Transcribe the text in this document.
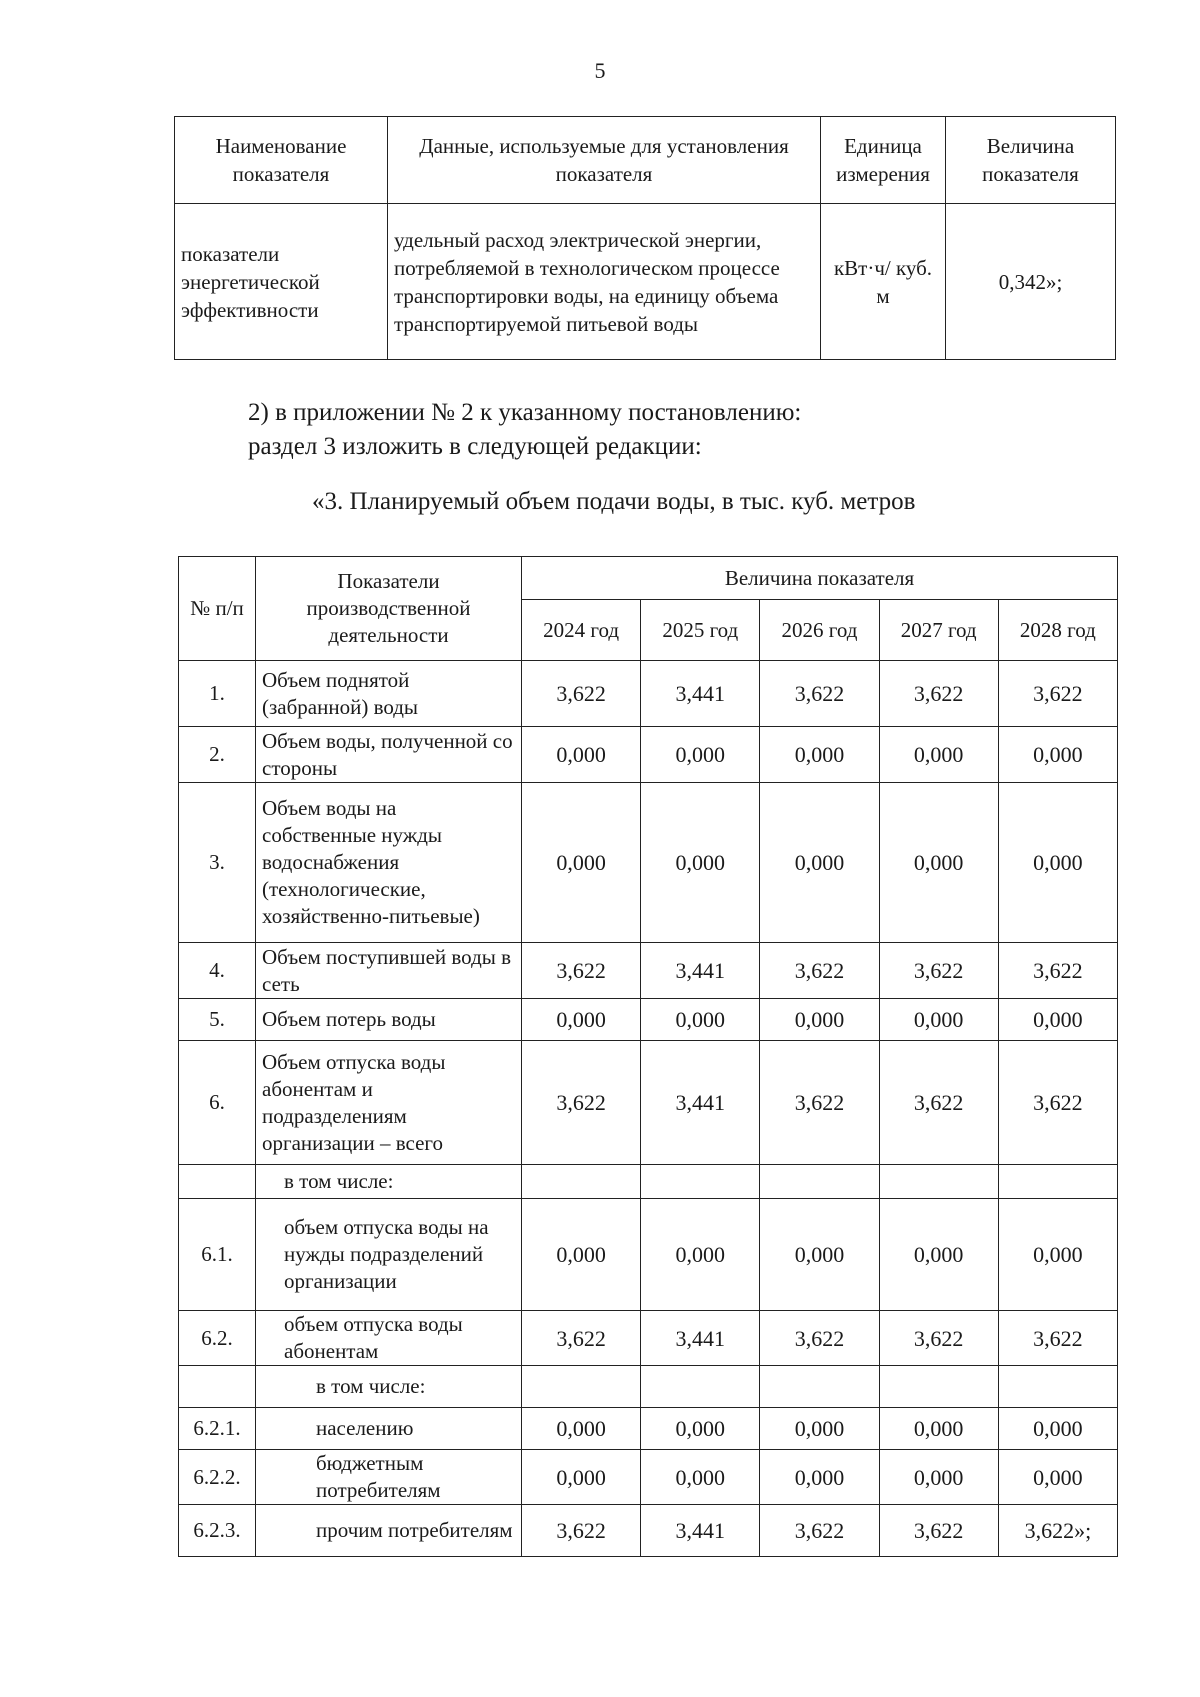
5
Наименование показателя	Данные, используемые для установления показателя	Единица измерения	Величина показателя
показатели энергетической эффективности	удельный расход электрической энергии, потребляемой в технологическом процессе транспортировки воды, на единицу объема транспортируемой питьевой воды	кВт·ч/ куб. м	0,342»;
2) в приложении № 2 к указанному постановлению:
раздел 3 изложить в следующей редакции:
«3. Планируемый объем подачи воды, в тыс. куб. метров
№ п/п	Показатели производственной деятельности	Величина показателя				
		2024 год	2025 год	2026 год	2027 год	2028 год
1.	Объем поднятой (забранной) воды	3,622	3,441	3,622	3,622	3,622
2.	Объем воды, полученной со стороны	0,000	0,000	0,000	0,000	0,000
3.	Объем воды на собственные нужды водоснабжения (технологические, хозяйственно-питьевые)	0,000	0,000	0,000	0,000	0,000
4.	Объем поступившей воды в сеть	3,622	3,441	3,622	3,622	3,622
5.	Объем потерь воды	0,000	0,000	0,000	0,000	0,000
6.	Объем отпуска воды абонентам и подразделениям организации – всего	3,622	3,441	3,622	3,622	3,622
	в том числе:					
6.1.	объем отпуска воды на нужды подразделений организации	0,000	0,000	0,000	0,000	0,000
6.2.	объем отпуска воды абонентам	3,622	3,441	3,622	3,622	3,622
	в том числе:					
6.2.1.	населению	0,000	0,000	0,000	0,000	0,000
6.2.2.	бюджетным потребителям	0,000	0,000	0,000	0,000	0,000
6.2.3.	прочим потребителям	3,622	3,441	3,622	3,622	3,622»;
